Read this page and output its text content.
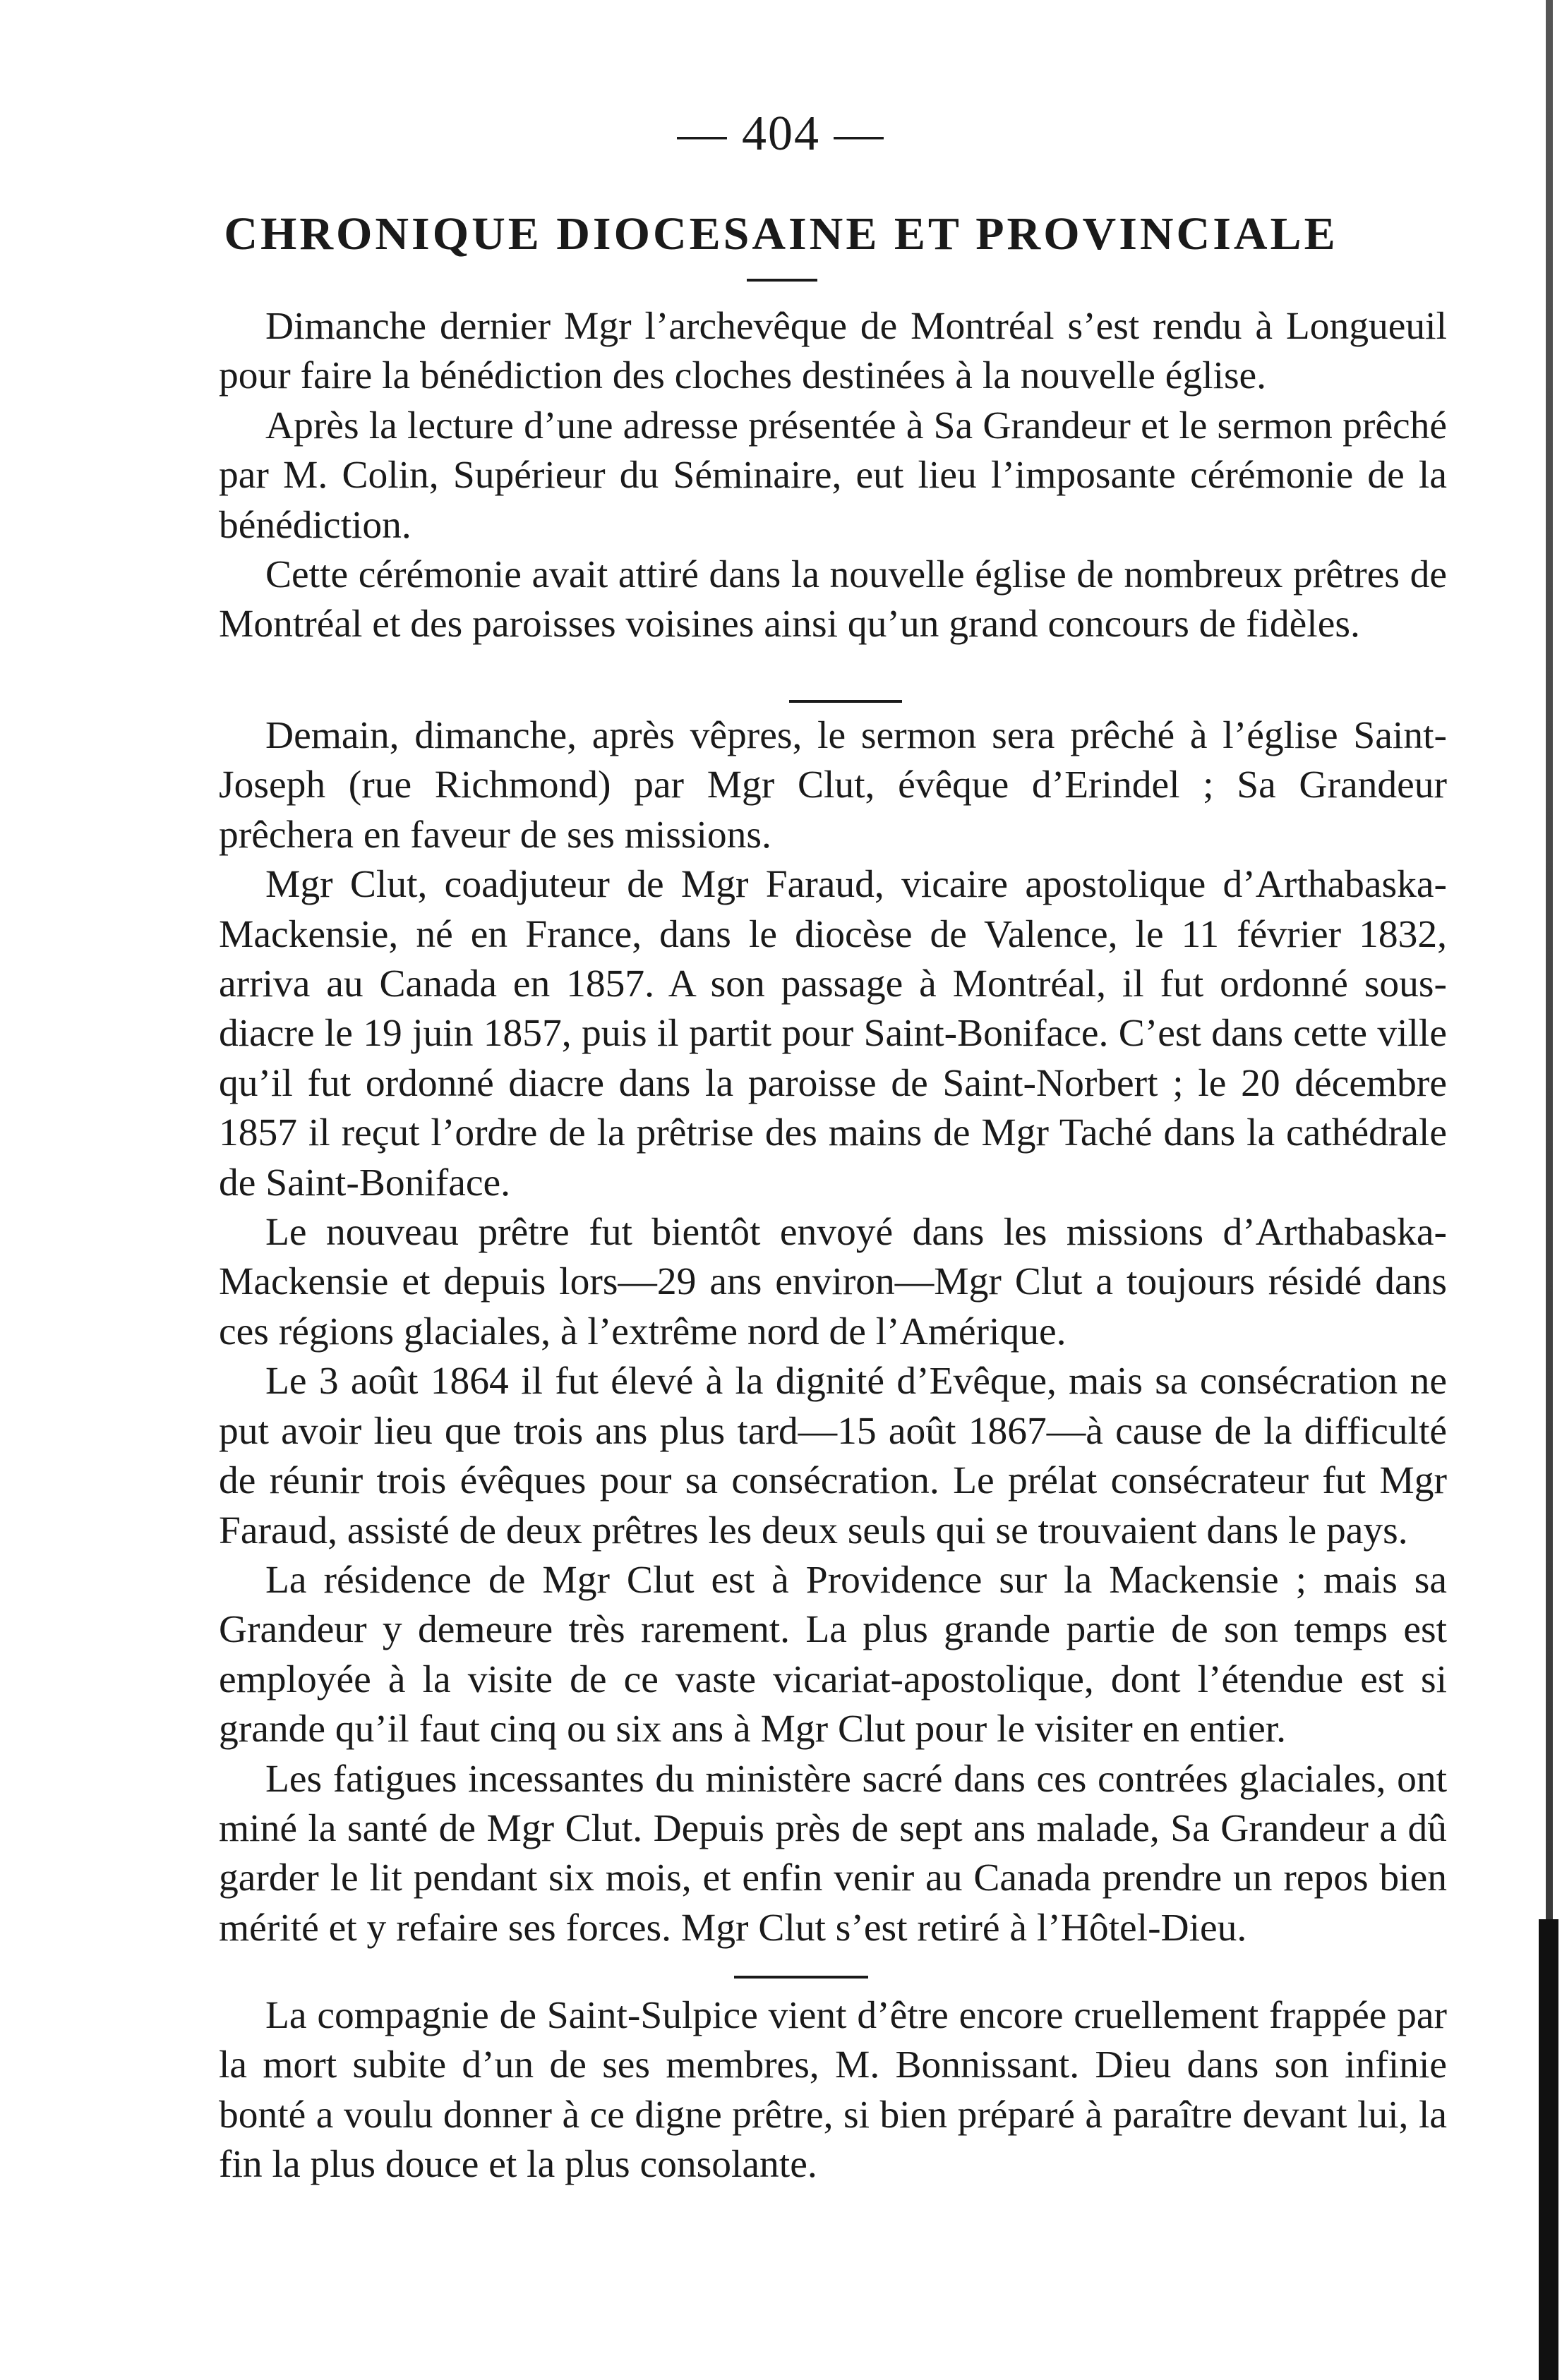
— 404 —
CHRONIQUE DIOCESAINE ET PROVINCIALE

Dimanche dernier Mgr l’archevêque de Montréal s’est rendu à Longueuil pour faire la bénédiction des cloches destinées à la nouvelle église.

Après la lecture d’une adresse présentée à Sa Grandeur et le sermon prêché par M. Colin, Supérieur du Séminaire, eut lieu l’imposante cérémonie de la bénédiction.

Cette cérémonie avait attiré dans la nouvelle église de nombreux prêtres de Montréal et des paroisses voisines ainsi qu’un grand concours de fidèles.

Demain, dimanche, après vêpres, le sermon sera prêché à l’église Saint-Joseph (rue Richmond) par Mgr Clut, évêque d’Erindel ; Sa Grandeur prêchera en faveur de ses missions.

Mgr Clut, coadjuteur de Mgr Faraud, vicaire apostolique d’Arthabaska-Mackensie, né en France, dans le diocèse de Valence, le 11 février 1832, arriva au Canada en 1857. A son passage à Montréal, il fut ordonné sous-diacre le 19 juin 1857, puis il partit pour Saint-Boniface. C’est dans cette ville qu’il fut ordonné diacre dans la paroisse de Saint-Norbert ; le 20 décembre 1857 il reçut l’ordre de la prêtrise des mains de Mgr Taché dans la cathédrale de Saint-Boniface.

Le nouveau prêtre fut bientôt envoyé dans les missions d’Arthabaska-Mackensie et depuis lors—29 ans environ—Mgr Clut a toujours résidé dans ces régions glaciales, à l’extrême nord de l’Amérique.

Le 3 août 1864 il fut élevé à la dignité d’Evêque, mais sa consécration ne put avoir lieu que trois ans plus tard—15 août 1867—à cause de la difficulté de réunir trois évêques pour sa consécration. Le prélat consécrateur fut Mgr Faraud, assisté de deux prêtres les deux seuls qui se trouvaient dans le pays.

La résidence de Mgr Clut est à Providence sur la Mackensie ; mais sa Grandeur y demeure très rarement. La plus grande partie de son temps est employée à la visite de ce vaste vicariat-apostolique, dont l’étendue est si grande qu’il faut cinq ou six ans à Mgr Clut pour le visiter en entier.

Les fatigues incessantes du ministère sacré dans ces contrées glaciales, ont miné la santé de Mgr Clut. Depuis près de sept ans malade, Sa Grandeur a dû garder le lit pendant six mois, et enfin venir au Canada prendre un repos bien mérité et y refaire ses forces. Mgr Clut s’est retiré à l’Hôtel-Dieu.

La compagnie de Saint-Sulpice vient d’être encore cruellement frappée par la mort subite d’un de ses membres, M. Bonnissant. Dieu dans son infinie bonté a voulu donner à ce digne prêtre, si bien préparé à paraître devant lui, la fin la plus douce et la plus consolante.
